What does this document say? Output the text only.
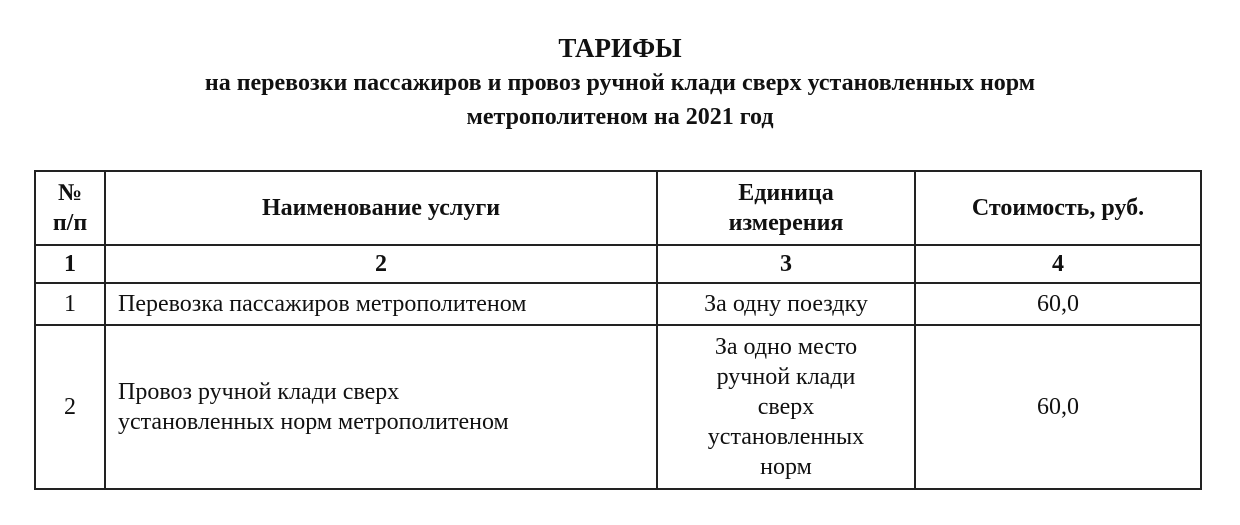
ТАРИФЫ
на перевозки пассажиров и провоз ручной клади сверх установленных норм
метрополитеном на 2021 год
№ п/п	Наименование услуги	Единица измерения	Стоимость, руб.
1	2	3	4
1	Перевозка пассажиров метрополитеном	За одну поездку	60,0
2	Провоз ручной клади сверх установленных норм метрополитеном	За одно место ручной клади сверх установленных норм	60,0
